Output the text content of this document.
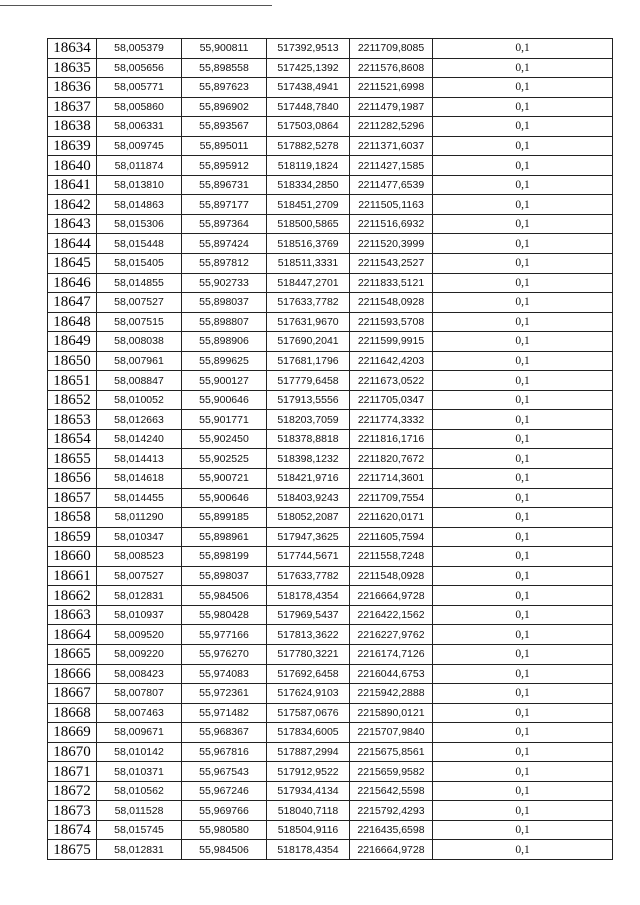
18634	58,005379	55,900811	517392,9513	2211709,8085	0,1
18635	58,005656	55,898558	517425,1392	2211576,8608	0,1
18636	58,005771	55,897623	517438,4941	2211521,6998	0,1
18637	58,005860	55,896902	517448,7840	2211479,1987	0,1
18638	58,006331	55,893567	517503,0864	2211282,5296	0,1
18639	58,009745	55,895011	517882,5278	2211371,6037	0,1
18640	58,011874	55,895912	518119,1824	2211427,1585	0,1
18641	58,013810	55,896731	518334,2850	2211477,6539	0,1
18642	58,014863	55,897177	518451,2709	2211505,1163	0,1
18643	58,015306	55,897364	518500,5865	2211516,6932	0,1
18644	58,015448	55,897424	518516,3769	2211520,3999	0,1
18645	58,015405	55,897812	518511,3331	2211543,2527	0,1
18646	58,014855	55,902733	518447,2701	2211833,5121	0,1
18647	58,007527	55,898037	517633,7782	2211548,0928	0,1
18648	58,007515	55,898807	517631,9670	2211593,5708	0,1
18649	58,008038	55,898906	517690,2041	2211599,9915	0,1
18650	58,007961	55,899625	517681,1796	2211642,4203	0,1
18651	58,008847	55,900127	517779,6458	2211673,0522	0,1
18652	58,010052	55,900646	517913,5556	2211705,0347	0,1
18653	58,012663	55,901771	518203,7059	2211774,3332	0,1
18654	58,014240	55,902450	518378,8818	2211816,1716	0,1
18655	58,014413	55,902525	518398,1232	2211820,7672	0,1
18656	58,014618	55,900721	518421,9716	2211714,3601	0,1
18657	58,014455	55,900646	518403,9243	2211709,7554	0,1
18658	58,011290	55,899185	518052,2087	2211620,0171	0,1
18659	58,010347	55,898961	517947,3625	2211605,7594	0,1
18660	58,008523	55,898199	517744,5671	2211558,7248	0,1
18661	58,007527	55,898037	517633,7782	2211548,0928	0,1
18662	58,012831	55,984506	518178,4354	2216664,9728	0,1
18663	58,010937	55,980428	517969,5437	2216422,1562	0,1
18664	58,009520	55,977166	517813,3622	2216227,9762	0,1
18665	58,009220	55,976270	517780,3221	2216174,7126	0,1
18666	58,008423	55,974083	517692,6458	2216044,6753	0,1
18667	58,007807	55,972361	517624,9103	2215942,2888	0,1
18668	58,007463	55,971482	517587,0676	2215890,0121	0,1
18669	58,009671	55,968367	517834,6005	2215707,9840	0,1
18670	58,010142	55,967816	517887,2994	2215675,8561	0,1
18671	58,010371	55,967543	517912,9522	2215659,9582	0,1
18672	58,010562	55,967246	517934,4134	2215642,5598	0,1
18673	58,011528	55,969766	518040,7118	2215792,4293	0,1
18674	58,015745	55,980580	518504,9116	2216435,6598	0,1
18675	58,012831	55,984506	518178,4354	2216664,9728	0,1
